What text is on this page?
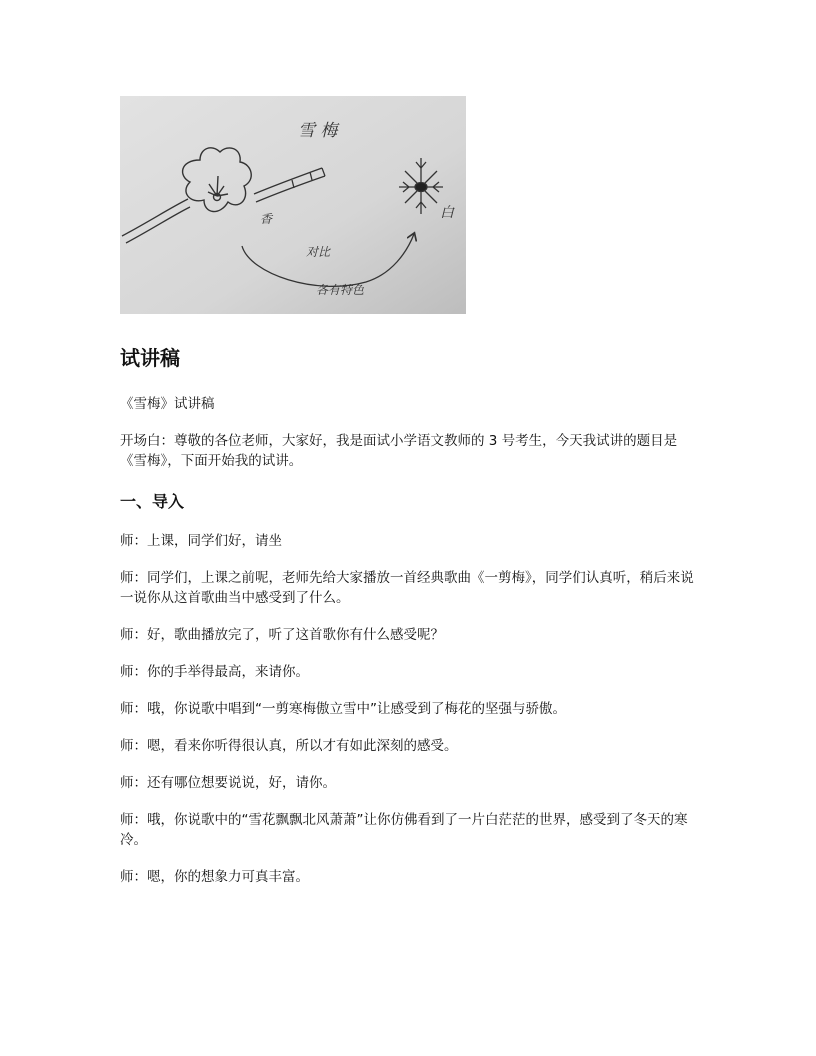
雪 梅
香	白
对比
各有特色
试讲稿

《雪梅》试讲稿

开场白：尊敬的各位老师，大家好，我是面试小学语文教师的 3 号考生，今天我试讲的题目是《雪梅》，下面开始我的试讲。

一、导入

师：上课，同学们好，请坐

师：同学们，上课之前呢，老师先给大家播放一首经典歌曲《一剪梅》，同学们认真听，稍后来说一说你从这首歌曲当中感受到了什么。

师：好，歌曲播放完了，听了这首歌你有什么感受呢？

师：你的手举得最高，来请你。

师：哦，你说歌中唱到“一剪寒梅傲立雪中”让感受到了梅花的坚强与骄傲。

师：嗯，看来你听得很认真，所以才有如此深刻的感受。

师：还有哪位想要说说，好，请你。

师：哦，你说歌中的“雪花飘飘北风萧萧”让你仿佛看到了一片白茫茫的世界，感受到了冬天的寒冷。

师：嗯，你的想象力可真丰富。
